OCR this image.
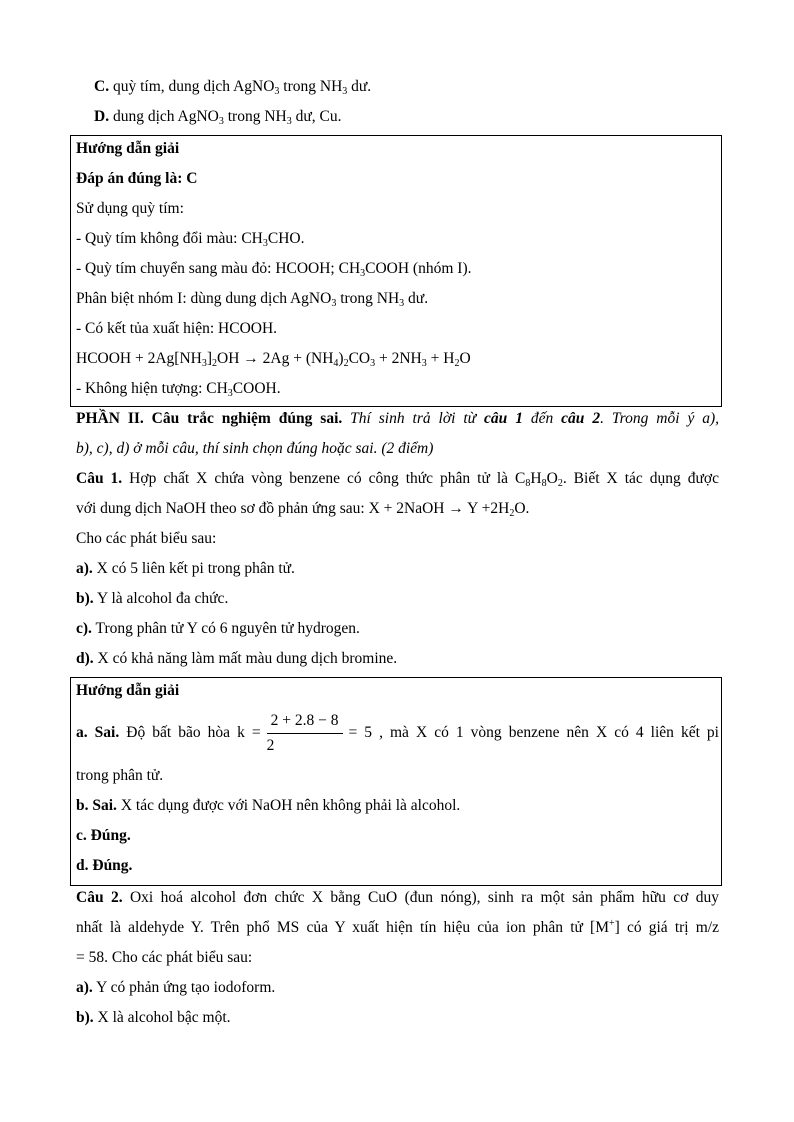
C. quỳ tím, dung dịch AgNO$_3$ trong $NH_3$ dư.
D. dung dịch AgNO$_3$ trong $NH_3$ dư, Cu.
Hướng dẫn giải
Đáp án đúng là: C
Sử dụng quỳ tím:
- Quỳ tím không đổi màu: $CH_3CHO$.
- Quỳ tím chuyển sang màu đỏ: HCOOH; $CH_3COOH$ (nhóm I).
Phân biệt nhóm I: dùng dung dịch AgNO$_3$ trong $NH_3$ dư.
- Có kết tủa xuất hiện: HCOOH.
HCOOH + $2Ag[NH_3]_2OH \to 2Ag + (NH_4)_2CO_3 + 2NH_3 + H_2O$
- Không hiện tượng: $CH_3COOH$.
PHẦN II. Câu trắc nghiệm đúng sai. Thí sinh trả lời từ câu 1 đến câu 2. Trong mỗi ý a),
b), c), d) ở mỗi câu, thí sinh chọn đúng hoặc sai. (2 điểm)
Câu 1. Hợp chất X chứa vòng benzene có công thức phân tử là $C_8H_8O_2$. Biết X tác dụng được
với dung dịch NaOH theo sơ đồ phản ứng sau: X + 2NaOH → $Y +2H_2O$.
Cho các phát biểu sau:
a). X có 5 liên kết pi trong phân tử.
b). Y là alcohol đa chức.
c). Trong phân tử Y có 6 nguyên tử hydrogen.
d). X có khả năng làm mất màu dung dịch bromine.
Hướng dẫn giải
a. Sai. Độ bất bão hòa $k = \frac{2 + 2.8 - 8}{2} = 5$ , mà X có 1 vòng benzene nên X có 4 liên kết pi
trong phân tử.
b. Sai. X tác dụng được với NaOH nên không phải là alcohol.
c. Đúng.
d. Đúng.
Câu 2. Oxi hoá alcohol đơn chức X bằng CuO (đun nóng), sinh ra một sản phẩm hữu cơ duy
nhất là aldehyde Y. Trên phổ MS của Y xuất hiện tín hiệu của ion phân tử [M+] có giá trị m/z
= 58. Cho các phát biểu sau:
a). Y có phản ứng tạo iodoform.
b). X là alcohol bậc một.
